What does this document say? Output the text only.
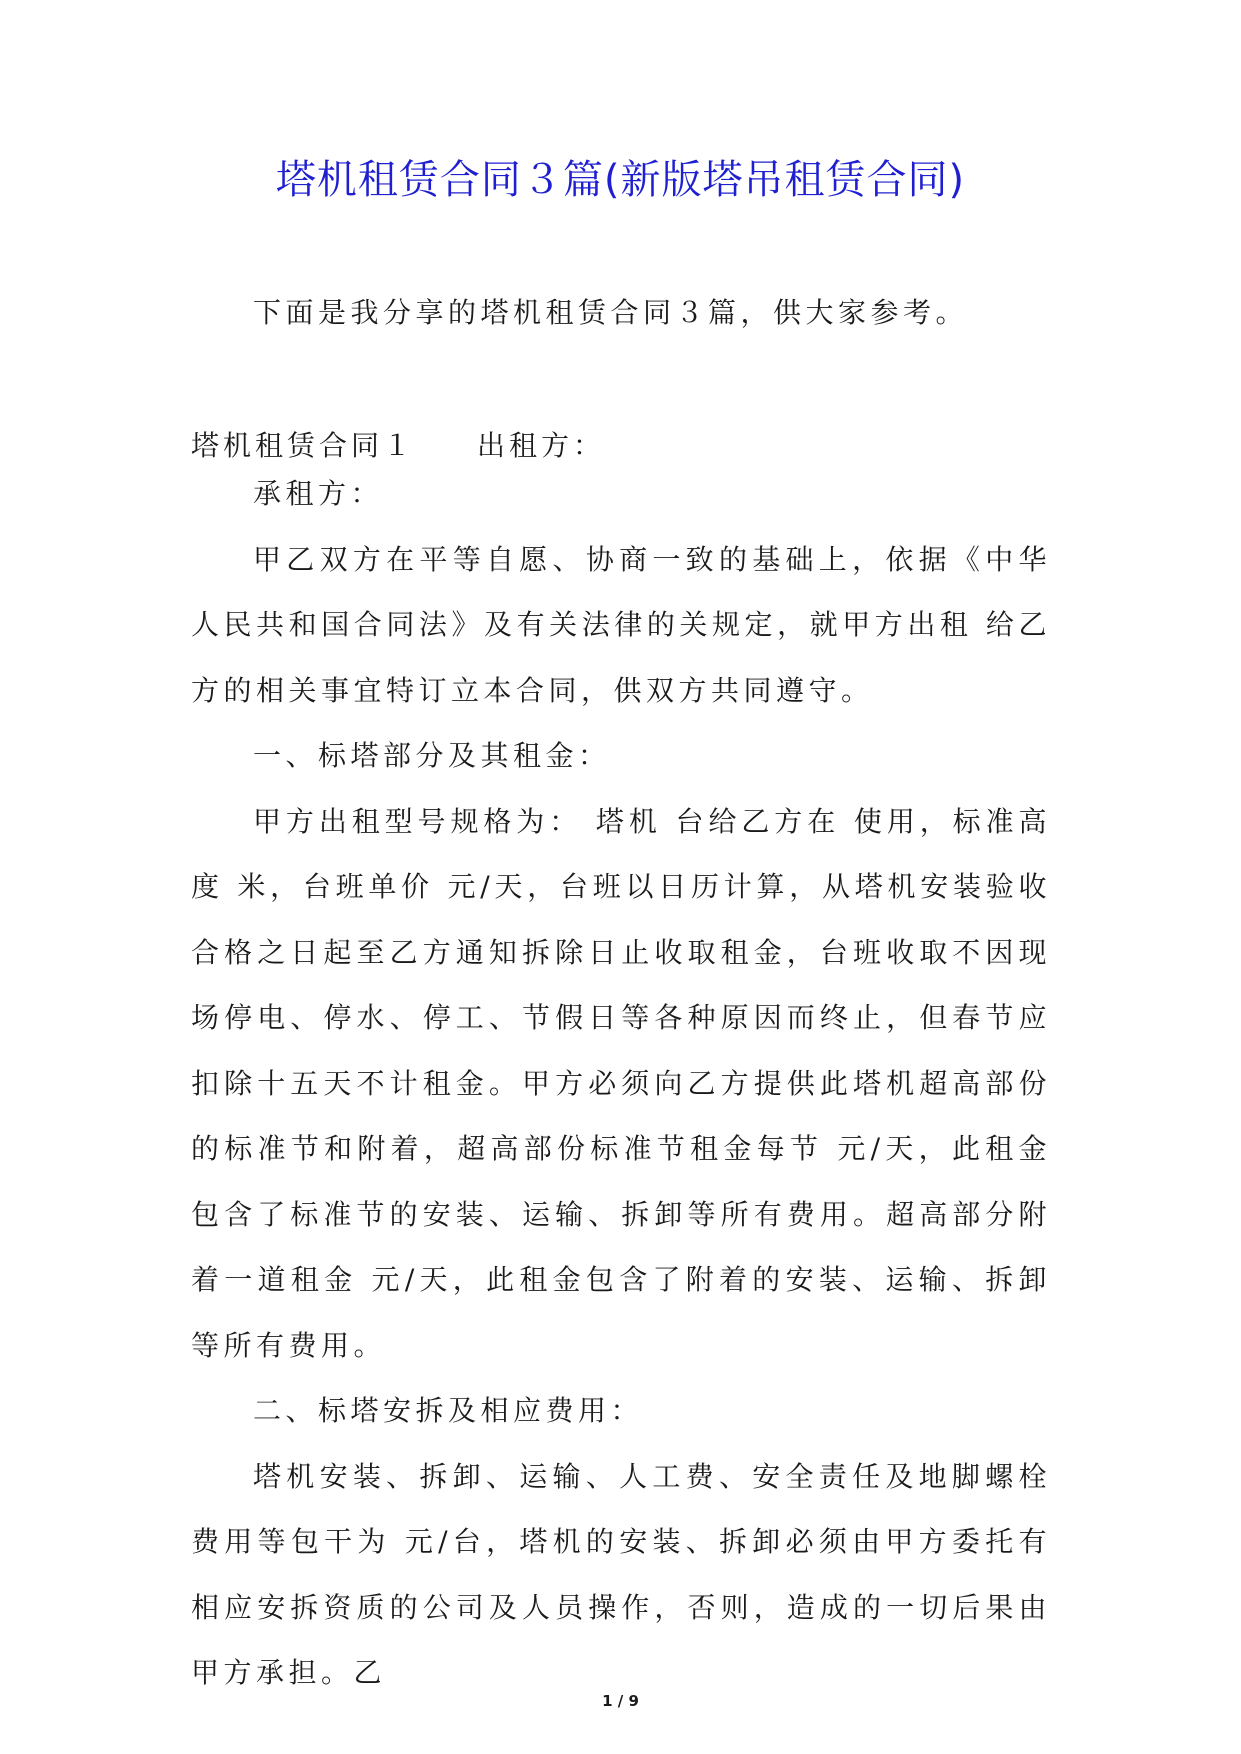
塔机租赁合同３篇(新版塔吊租赁合同)
下面是我分享的塔机租赁合同３篇，供大家参考。
塔机租赁合同１ 出租方：

承租方：

甲乙双方在平等自愿、协商一致的基础上，依据《中华人民共和国合同法》及有关法律的关规定，就甲方出租 给乙方的相关事宜特订立本合同，供双方共同遵守。

一、标塔部分及其租金：

甲方出租型号规格为： 塔机 台给乙方在 使用，标准高度 米，台班单价 元/天，台班以日历计算，从塔机安装验收合格之日起至乙方通知拆除日止收取租金，台班收取不因现场停电、停水、停工、节假日等各种原因而终止，但春节应扣除十五天不计租金。甲方必须向乙方提供此塔机超高部份的标准节和附着，超高部份标准节租金每节 元/天，此租金包含了标准节的安装、运输、拆卸等所有费用。超高部分附着一道租金 元/天，此租金包含了附着的安装、运输、拆卸等所有费用。

二、标塔安拆及相应费用：

塔机安装、拆卸、运输、人工费、安全责任及地脚螺栓费用等包干为 元/台，塔机的安装、拆卸必须由甲方委托有相应安拆资质的公司及人员操作，否则，造成的一切后果由甲方承担。乙

1 / 9
